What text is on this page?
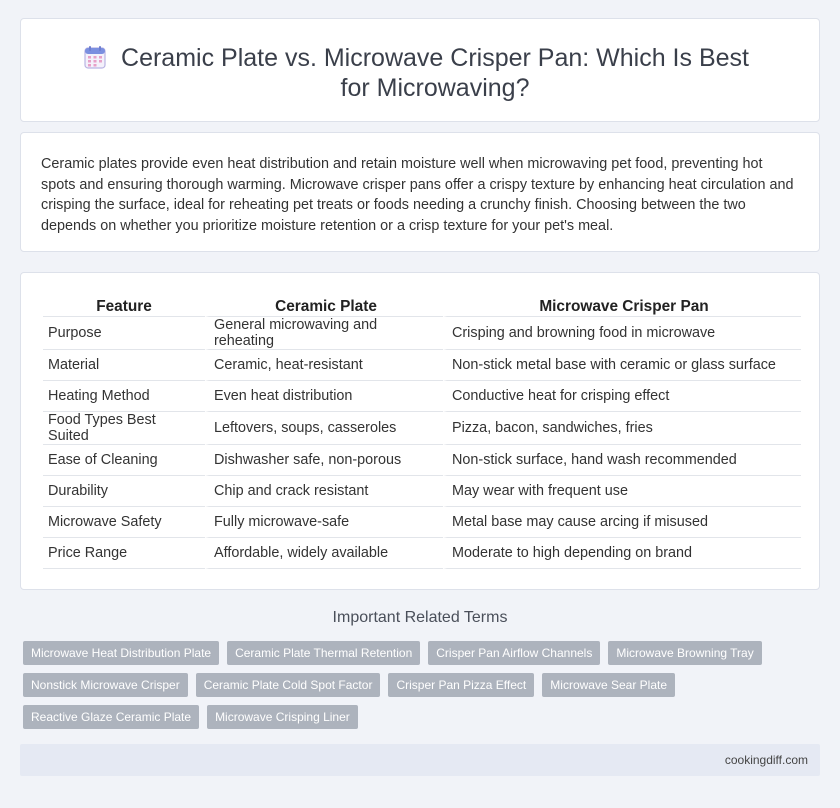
Ceramic Plate vs. Microwave Crisper Pan: Which Is Best for Microwaving?

Ceramic plates provide even heat distribution and retain moisture well when microwaving pet food, preventing hot spots and ensuring thorough warming. Microwave crisper pans offer a crispy texture by enhancing heat circulation and crisping the surface, ideal for reheating pet treats or foods needing a crunchy finish. Choosing between the two depends on whether you prioritize moisture retention or a crisp texture for your pet's meal.

Feature	Ceramic Plate	Microwave Crisper Pan
Purpose	General microwaving and reheating	Crisping and browning food in microwave
Material	Ceramic, heat-resistant	Non-stick metal base with ceramic or glass surface
Heating Method	Even heat distribution	Conductive heat for crisping effect
Food Types Best Suited	Leftovers, soups, casseroles	Pizza, bacon, sandwiches, fries
Ease of Cleaning	Dishwasher safe, non-porous	Non-stick surface, hand wash recommended
Durability	Chip and crack resistant	May wear with frequent use
Microwave Safety	Fully microwave-safe	Metal base may cause arcing if misused
Price Range	Affordable, widely available	Moderate to high depending on brand
Important Related Terms
Microwave Heat Distribution Plate	Ceramic Plate Thermal Retention	Crisper Pan Airflow Channels	Microwave Browning Tray
Nonstick Microwave Crisper	Ceramic Plate Cold Spot Factor	Crisper Pan Pizza Effect	Microwave Sear Plate
Reactive Glaze Ceramic Plate	Microwave Crisping Liner
cookingdiff.com
